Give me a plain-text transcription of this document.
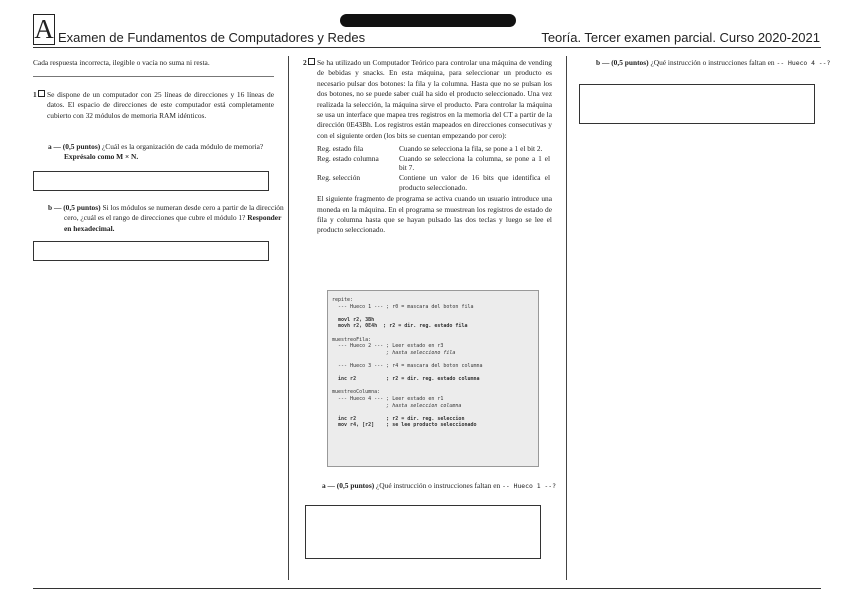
A Examen de Fundamentos de Computadores y Redes	Teoría. Tercer examen parcial. Curso 2020-2021
Cada respuesta incorrecta, ilegible o vacía no suma ni resta.
1	Se dispone de un computador con 25 líneas de direcciones y 16 líneas de datos. El espacio de direcciones de este computador está completamente cubierto con 32 módulos de memoria RAM idénticos.
a — (0,5 puntos) ¿Cuál es la organización de cada módulo de memoria? Exprésalo como M × N.
b — (0,5 puntos) Si los módulos se numeran desde cero a partir de la dirección cero, ¿cuál es el rango de direcciones que cubre el módulo 1? Responder en hexadecimal.
2	Se ha utilizado un Computador Teórico para controlar una máquina de vending de bebidas y snacks. En esta máquina, para seleccionar un producto es necesario pulsar dos botones: la fila y la columna. Hasta que no se pulsan los dos botones, no se puede saber cuál ha sido el producto seleccionado. Una vez realizada la selección, la máquina sirve el producto. Para controlar la máquina se usa un interface que mapea tres registros en la memoria del CT a partir de la dirección 0E43Bh. Los registros están mapeados en direcciones consecutivas y con el siguiente orden (los bits se cuentan empezando por cero):
Reg. estado fila	Cuando se selecciona la fila, se pone a 1 el bit 2.
Reg. estado columna	Cuando se selecciona la columna, se pone a 1 el bit 7.
Reg. selección	Contiene un valor de 16 bits que identifica el producto seleccionado.
El siguiente fragmento de programa se activa cuando un usuario introduce una moneda en la máquina. En el programa se muestrean los registros de estado de fila y columna hasta que se hayan pulsado las dos teclas y luego se lee el producto seleccionado.
repite:
--- Hueco 1 --- ; r0 = mascara del boton fila
movl r2, 3Bh
movh r2, 0E4h  ; r2 = dir. reg. estado fila
muestreoFila:
--- Hueco 2 --- ; Leer estado en r3
; hasta selecciono fila
--- Hueco 3 --- ; r4 = mascara del boton columna
inc r2          ; r2 = dir. reg. estado columna
muestreoColumna:
--- Hueco 4 --- ; Leer estado en r1
; hasta seleccion columna
inc r2          ; r2 = dir. reg. seleccion
mov r4, [r2]    ; se lee producto seleccionado
a — (0,5 puntos) ¿Qué instrucción o instrucciones faltan en -- Hueco 1 --?
b — (0,5 puntos) ¿Qué instrucción o instrucciones faltan en -- Hueco 4 --?
